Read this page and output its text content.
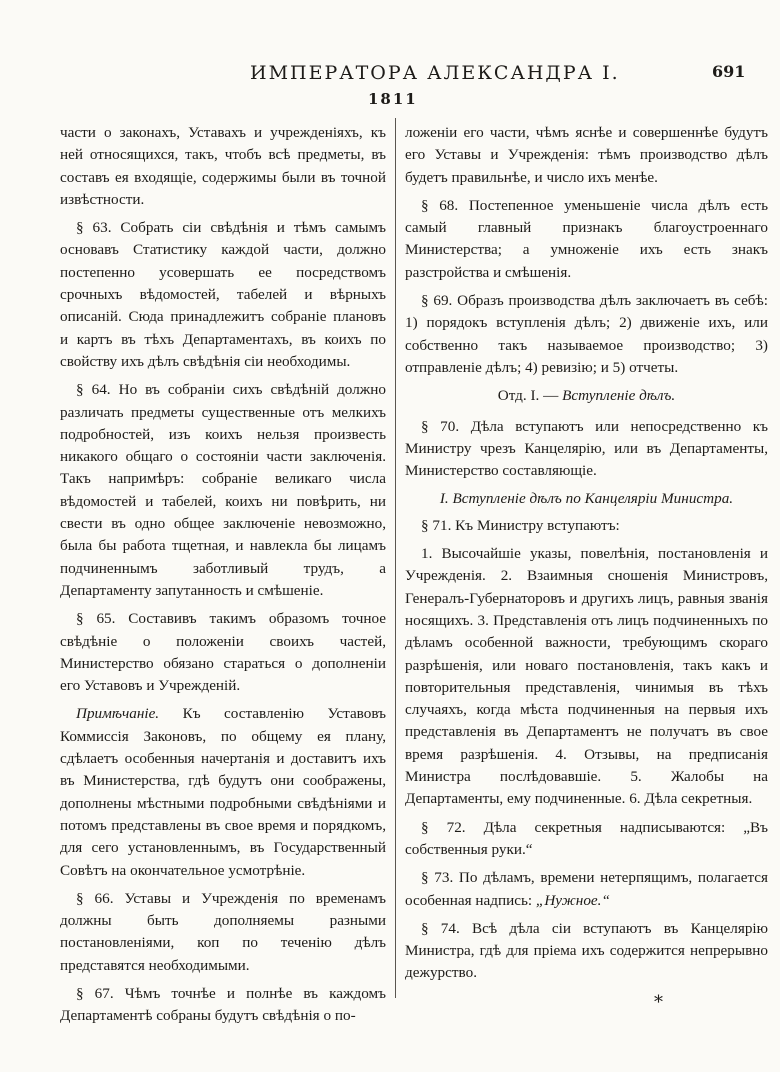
ИМПЕРАТОРА АЛЕКСАНДРА I.	691
1811

части о законахъ, Уставахъ и учрежденіяхъ, къ ней относящихся, такъ, чтобъ всѣ предметы, въ составъ ея входящіе, содержимы были въ точной извѣстности.

§ 63. Собрать сіи свѣдѣнія и тѣмъ самымъ основавъ Статистику каждой части, должно постепенно усовершать ее посредствомъ срочныхъ вѣдомостей, табелей и вѣрныхъ описаній. Сюда принадлежитъ собраніе плановъ и картъ въ тѣхъ Департаментахъ, въ коихъ по свойству ихъ дѣлъ свѣдѣнія сіи необходимы.

§ 64. Но въ собраніи сихъ свѣдѣній должно различать предметы существенные отъ мелкихъ подробностей, изъ коихъ нельзя произвесть никакого общаго о состояніи части заключенія. Такъ напримѣръ: собраніе великаго числа вѣдомостей и табелей, коихъ ни повѣрить, ни свести въ одно общее заключеніе невозможно, была бы работа тщетная, и навлекла бы лицамъ подчиненнымъ заботливый трудъ, а Департаменту запутанность и смѣшеніе.

§ 65. Составивъ такимъ образомъ точное свѣдѣніе о положеніи своихъ частей, Министерство обязано стараться о дополненіи его Уставовъ и Учрежденій.

Примѣчаніе. Къ составленію Уставовъ Коммиссія Законовъ, по общему ея плану, сдѣлаетъ особенныя начертанія и доставитъ ихъ въ Министерства, гдѣ будутъ они соображены, дополнены мѣстными подробными свѣдѣніями и потомъ представлены въ свое время и порядкомъ, для сего установленнымъ, въ Государственный Совѣтъ на окончательное усмотрѣніе.

§ 66. Уставы и Учрежденія по временамъ должны быть дополняемы разными постановленіями, коп по теченію дѣлъ представятся необходимыми.

§ 67. Чѣмъ точнѣе и полнѣе въ каждомъ Департаментѣ собраны будутъ свѣдѣнія о по-

ложеніи его части, чѣмъ яснѣе и совершеннѣе будутъ его Уставы и Учрежденія: тѣмъ производство дѣлъ будетъ правильнѣе, и число ихъ менѣе.

§ 68. Постепенное уменьшеніе числа дѣлъ есть самый главный признакъ благоустроеннаго Министерства; а умноженіе ихъ есть знакъ разстройства и смѣшенія.

§ 69. Образъ производства дѣлъ заключаетъ въ себѣ: 1) порядокъ вступленія дѣлъ; 2) движеніе ихъ, или собственно такъ называемое производство; 3) отправленіе дѣлъ; 4) ревизію; и 5) отчеты.

Отд. I. — Вступленіе дѣлъ.

§ 70. Дѣла вступаютъ или непосредственно къ Министру чрезъ Канцелярію, или въ Департаменты, Министерство составляющіе.

I. Вступленіе дѣлъ по Канцеляріи Министра.

§ 71. Къ Министру вступаютъ:

1. Высочайшіе указы, повелѣнія, постановленія и Учрежденія. 2. Взаимныя сношенія Министровъ, Генералъ-Губернаторовъ и другихъ лицъ, равныя званія носящихъ. 3. Представленія отъ лицъ подчиненныхъ по дѣламъ особенной важности, требующимъ скораго разрѣшенія, или новаго постановленія, такъ какъ и повторительныя представленія, чинимыя въ тѣхъ случаяхъ, когда мѣста подчиненныя на первыя ихъ представленія въ Департаментъ не получатъ въ свое время разрѣшенія. 4. Отзывы, на предписанія Министра послѣдовавшіе. 5. Жалобы на Департаменты, ему подчиненные. 6. Дѣла секретныя.

§ 72. Дѣла секретныя надписываются: „Въ собственныя руки.“

§ 73. По дѣламъ, времени нетерпящимъ, полагается особенная надпись: „Нужное.“

§ 74. Всѣ дѣла сіи вступаютъ въ Канцелярію Министра, гдѣ для пріема ихъ содержится непрерывно дежурство.

*
